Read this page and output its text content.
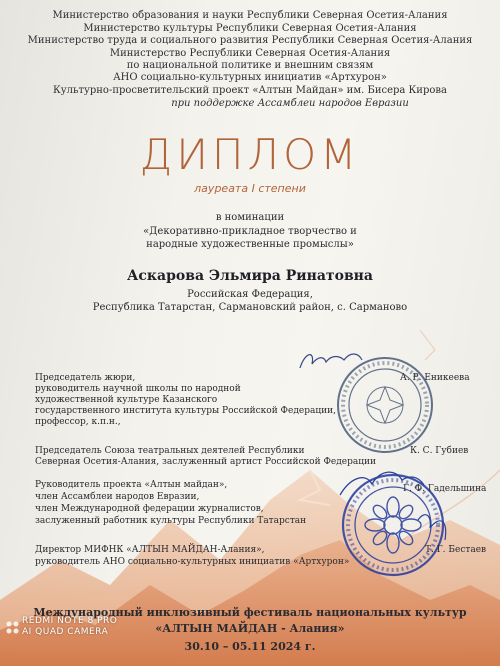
Министерство образования и науки Республики Северная Осетия-Алания
Министерство культуры Республики Северная Осетия-Алания
Министерство труда и социального развития Республики Северная Осетия-Алания
Министерство Республики Северная Осетия-Алания
по национальной политике и внешним связям
АНО социально-культурных инициатив «Артхурон»
Культурно-просветительский проект «Алтын Майдан» им. Бисера Кирова
при поддержке Ассамблеи народов Евразии
ДИПЛОМ
лауреата I степени
в номинации
«Декоративно-прикладное творчество и
народные художественные промыслы»
Аскарова Эльмира Ринатовна
Российская Федерация,
Республика Татарстан, Сармановский район, с. Сарманово
Председатель жюри,
руководитель научной школы по народной
художественной культуре Казанского
государственного института культуры Российской Федерации,
профессор, к.п.н.,
А. Р. Еникеева
Председатель Союза театральных деятелей Республики
Северная Осетия-Алания, заслуженный артист Российской Федерации
К. С. Губиев
Руководитель проекта «Алтын майдан»,
член Ассамблеи народов Евразии,
член Международной федерации журналистов,
заслуженный работник культуры Республики Татарстан
Г. Ф. Гадельшина
Директор МИФНК «АЛТЫН МАЙДАН-Алания»,
руководитель АНО социально-культурных инициатив «Артхурон»
Т. Г. Бестаев
Международный инклюзивный фестиваль национальных культур
«АЛТЫН МАЙДАН - Алания»
30.10 – 05.11 2024 г.
REDMI NOTE 8 PRO
AI QUAD CAMERA
